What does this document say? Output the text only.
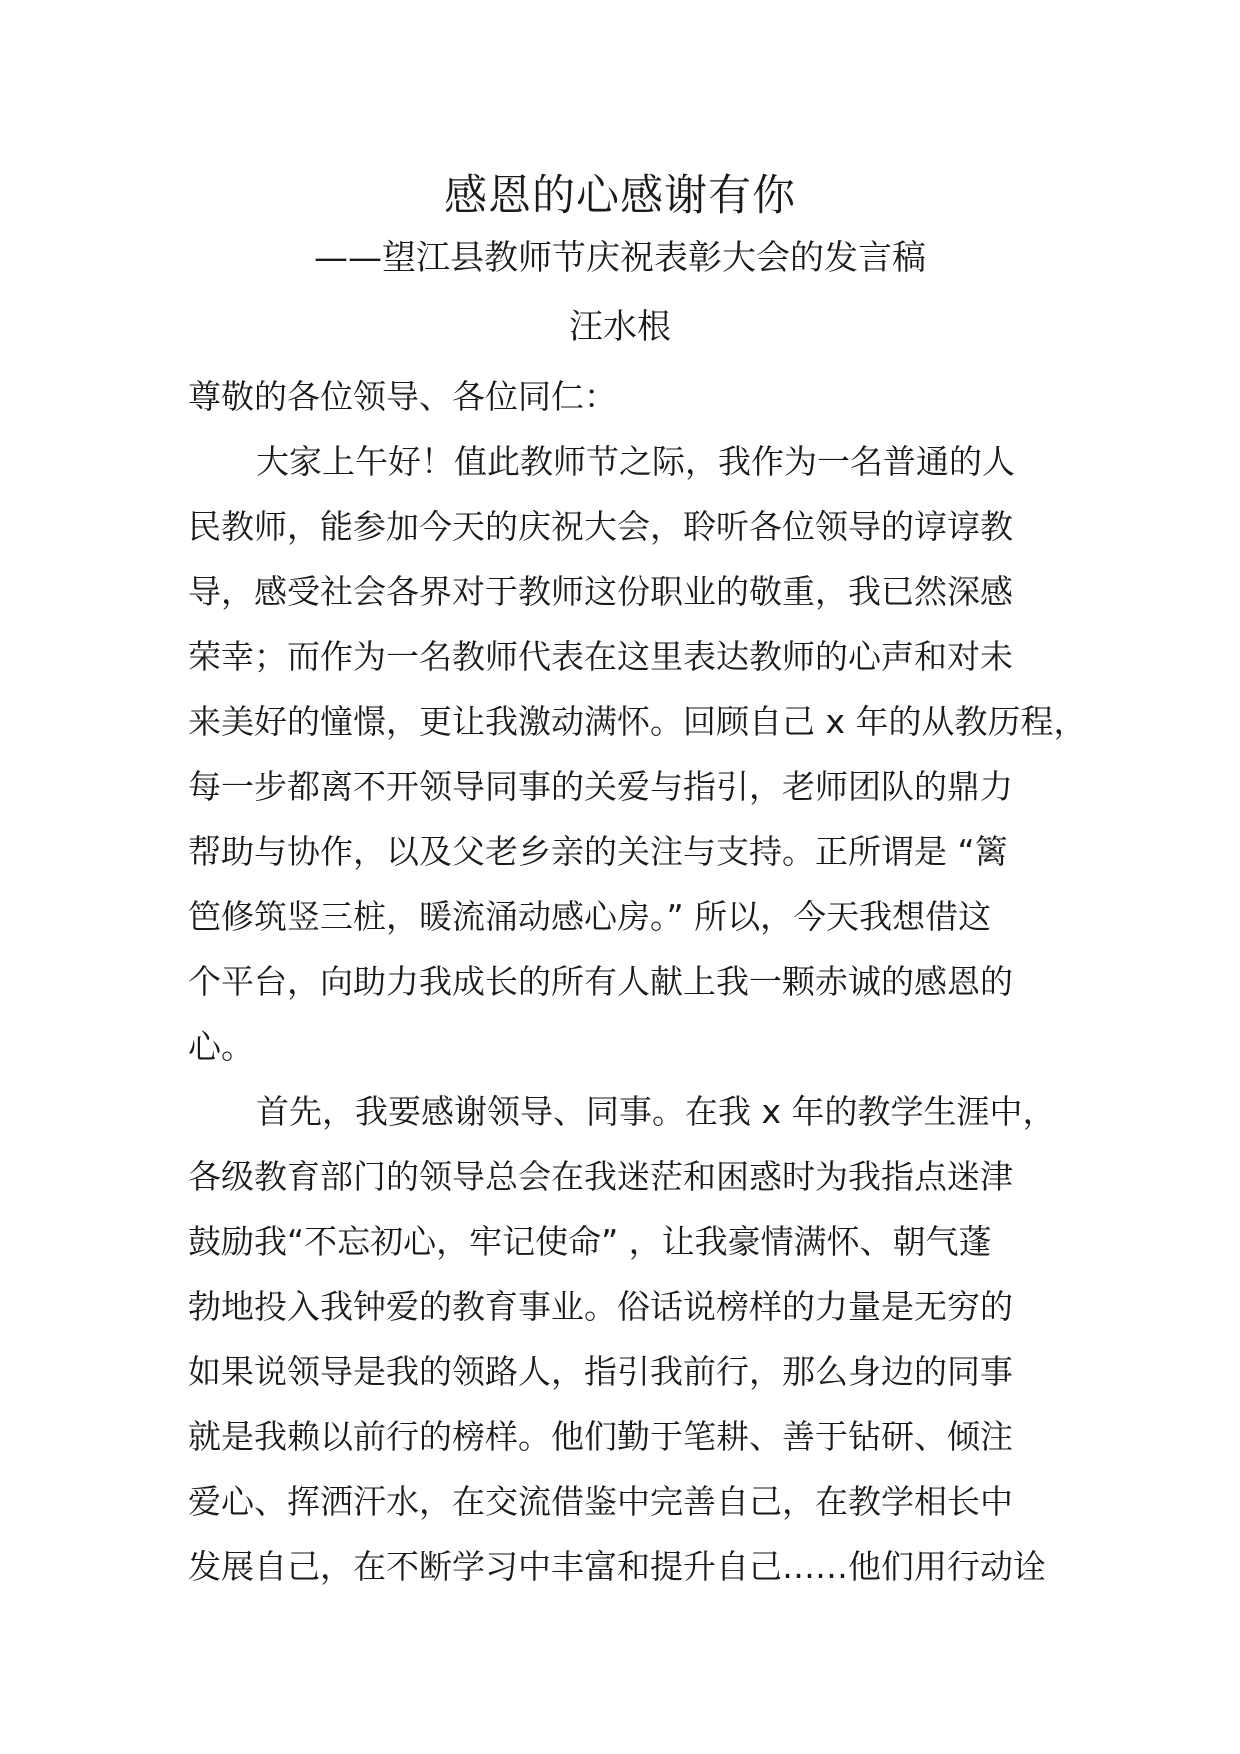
感恩的心感谢有你
——望江县教师节庆祝表彰大会的发言稿
汪水根
尊敬的各位领导、各位同仁：
大家上午好！值此教师节之际，我作为一名普通的人
民教师，能参加今天的庆祝大会，聆听各位领导的谆谆教
导，感受社会各界对于教师这份职业的敬重，我已然深感
荣幸；而作为一名教师代表在这里表达教师的心声和对未
来美好的憧憬，更让我激动满怀。回顾自己 x 年的从教历程，
每一步都离不开领导同事的关爱与指引，老师团队的鼎力
帮助与协作，以及父老乡亲的关注与支持。正所谓是 “篱
笆修筑竖三桩，暖流涌动感心房。” 所以，今天我想借这
个平台，向助力我成长的所有人献上我一颗赤诚的感恩的
心。
首先，我要感谢领导、同事。在我 x 年的教学生涯中，
各级教育部门的领导总会在我迷茫和困惑时为我指点迷津
鼓励我“不忘初心，牢记使命” ，让我豪情满怀、朝气蓬
勃地投入我钟爱的教育事业。俗话说榜样的力量是无穷的
如果说领导是我的领路人，指引我前行，那么身边的同事
就是我赖以前行的榜样。他们勤于笔耕、善于钻研、倾注
爱心、挥洒汗水，在交流借鉴中完善自己，在教学相长中
发展自己，在不断学习中丰富和提升自己……他们用行动诠
